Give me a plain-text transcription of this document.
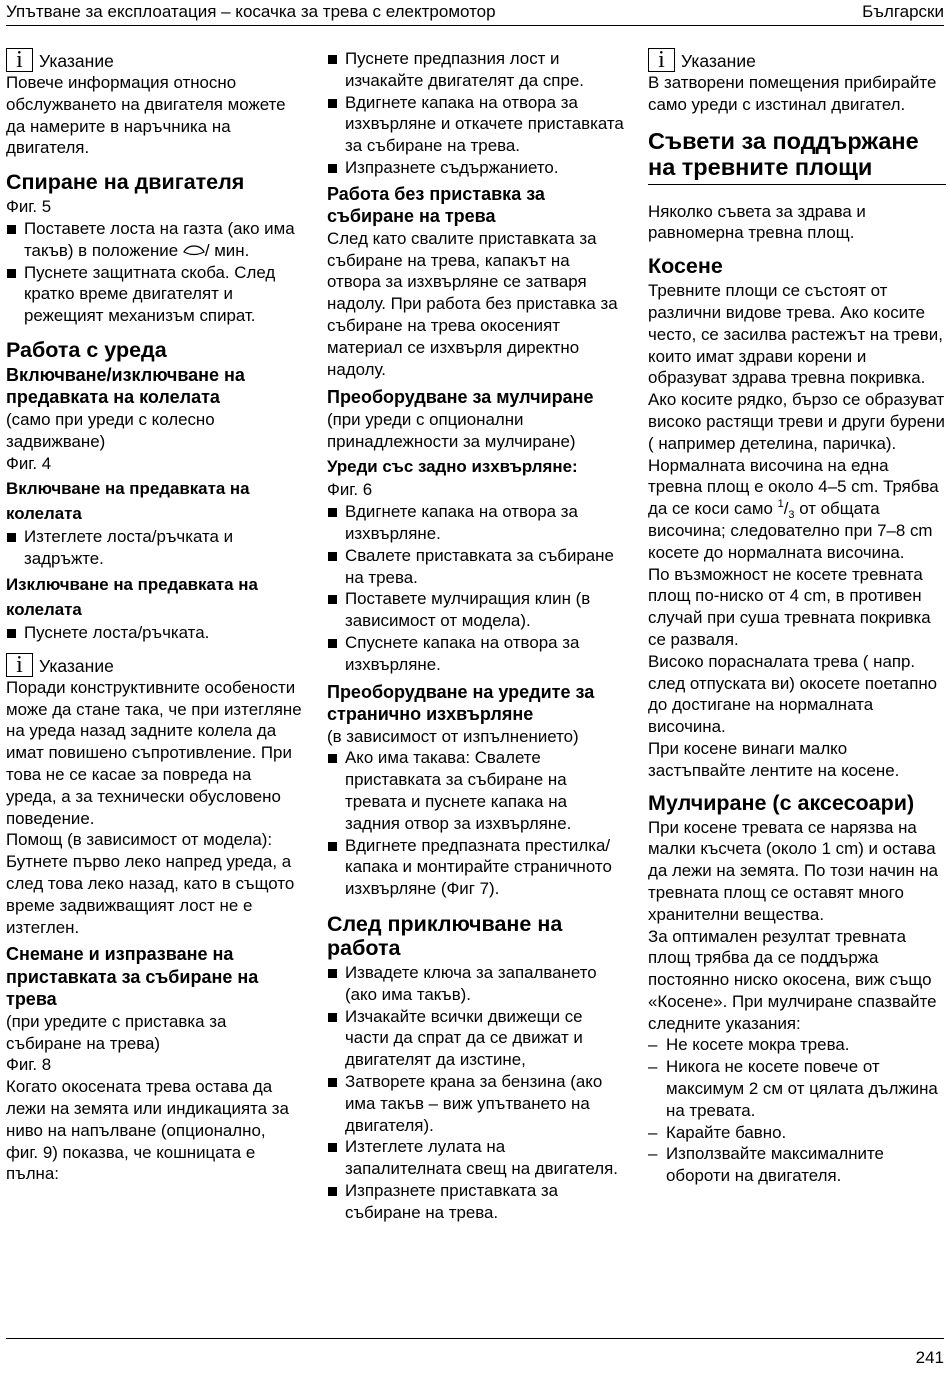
Упътване за експлоатация – косачка за трева с електромотор	Български
i
Указание

Повече информация относно обслужването на двигателя можете да намерите в наръчника на двигателя.

Спиране на двигателя

Фиг. 5

Поставете лоста на газта (ако има такъв) в положение / мин.
Пуснете защитната скоба. След кратко време двигателят и режещият механизъм спират.
Работа с уреда
Включване/изключване на предавката на колелата

(само при уреди с колесно задвижване)

Фиг. 4

Включване на предавката на колелата
Изтеглете лоста/ръчката и задръжте.
Изключване на предавката на колелата
Пуснете лоста/ръчката.
i
Указание

Поради конструктивните особености може да стане така, че при изтегляне на уреда назад задните колела да имат повишено съпротивление. При това не се касае за повреда на уреда, а за технически обусловено поведение.

Помощ (в зависимост от модела): Бутнете първо леко напред уреда, а след това леко назад, като в същото време задвижващият лост не е изтеглен.

Снемане и изпразване на приставката за събиране на трева

(при уредите с приставка за събиране на трева)

Фиг. 8

Когато окосената трева остава да лежи на земята или индикацията за ниво на напълване (опционално, фиг. 9) показва, че кошницата е пълна:

Пуснете предпазния лост и изчакайте двигателят да спре.
Вдигнете капака на отвора за изхвърляне и откачете приставката за събиране на трева.
Изпразнете съдържанието.
Работа без приставка за събиране на трева

След като свалите приставката за събиране на трева, капакът на отвора за изхвърляне се затваря надолу. При работа без приставка за събиране на трева окосеният материал се изхвърля директно надолу.

Преоборудване за мулчиране

(при уреди с опционални принадлежности за мулчиране)

Уреди със задно изхвърляне:

Фиг. 6

Вдигнете капака на отвора за изхвърляне.
Свалете приставката за събиране на трева.
Поставете мулчиращия клин (в зависимост от модела).
Спуснете капака на отвора за изхвърляне.
Преоборудване на уредите за странично изхвърляне

(в зависимост от изпълнението)

Ако има такава: Свалете приставката за събиране на тревата и пуснете капака на задния отвор за изхвърляне.
Вдигнете предпазната престилка/капака и монтирайте страничното изхвърляне (Фиг 7).
След приключване на работа
Извадете ключа за запалването (ако има такъв).
Изчакайте всички движещи се части да спрат да се движат и двигателят да изстине,
Затворете крана за бензина (ако има такъв – виж упътването на двигателя).
Изтеглете лулата на запалителната свещ на двигателя.
Изпразнете приставката за събиране на трева.
i
Указание

В затворени помещения прибирайте само уреди с изстинал двигател.

Съвети за поддържане на тревните площи

Няколко съвета за здрава и равномерна тревна площ.

Косене

Тревните площи се състоят от различни видове трева. Ако косите често, се засилва растежът на треви, които имат здрави корени и образуват здрава тревна покривка. Ако косите рядко, бързо се образуват високо растящи треви и други бурени ( например детелина, паричка).

Нормалната височина на една тревна площ е около 4–5 cm. Трябва да се коси само $^1/_3$ от общата височина; следователно при 7–8 cm косете до нормалната височина.

По възможност не косете тревната площ по-ниско от 4 cm, в противен случай при суша тревната покривка се разваля.

Високо порасналата трева ( напр. след отпуската ви) окосете поетапно до достигане на нормалната височина.

При косене винаги малко застъпвайте лентите на косене.

Мулчиране (с аксесоари)

При косене тревата се нарязва на малки късчета (около 1 cm) и остава да лежи на земята. По този начин на тревната площ се оставят много хранителни вещества.

За оптимален резултат тревната площ трябва да се поддържа постоянно ниско окосена, виж също «Косене». При мулчиране спазвайте следните указания:

– Не косете мокра трева.
– Никога не косете повече от максимум 2 см от цялата дължина на тревата.
– Карайте бавно.
– Използвайте максималните обороти на двигателя.
241
